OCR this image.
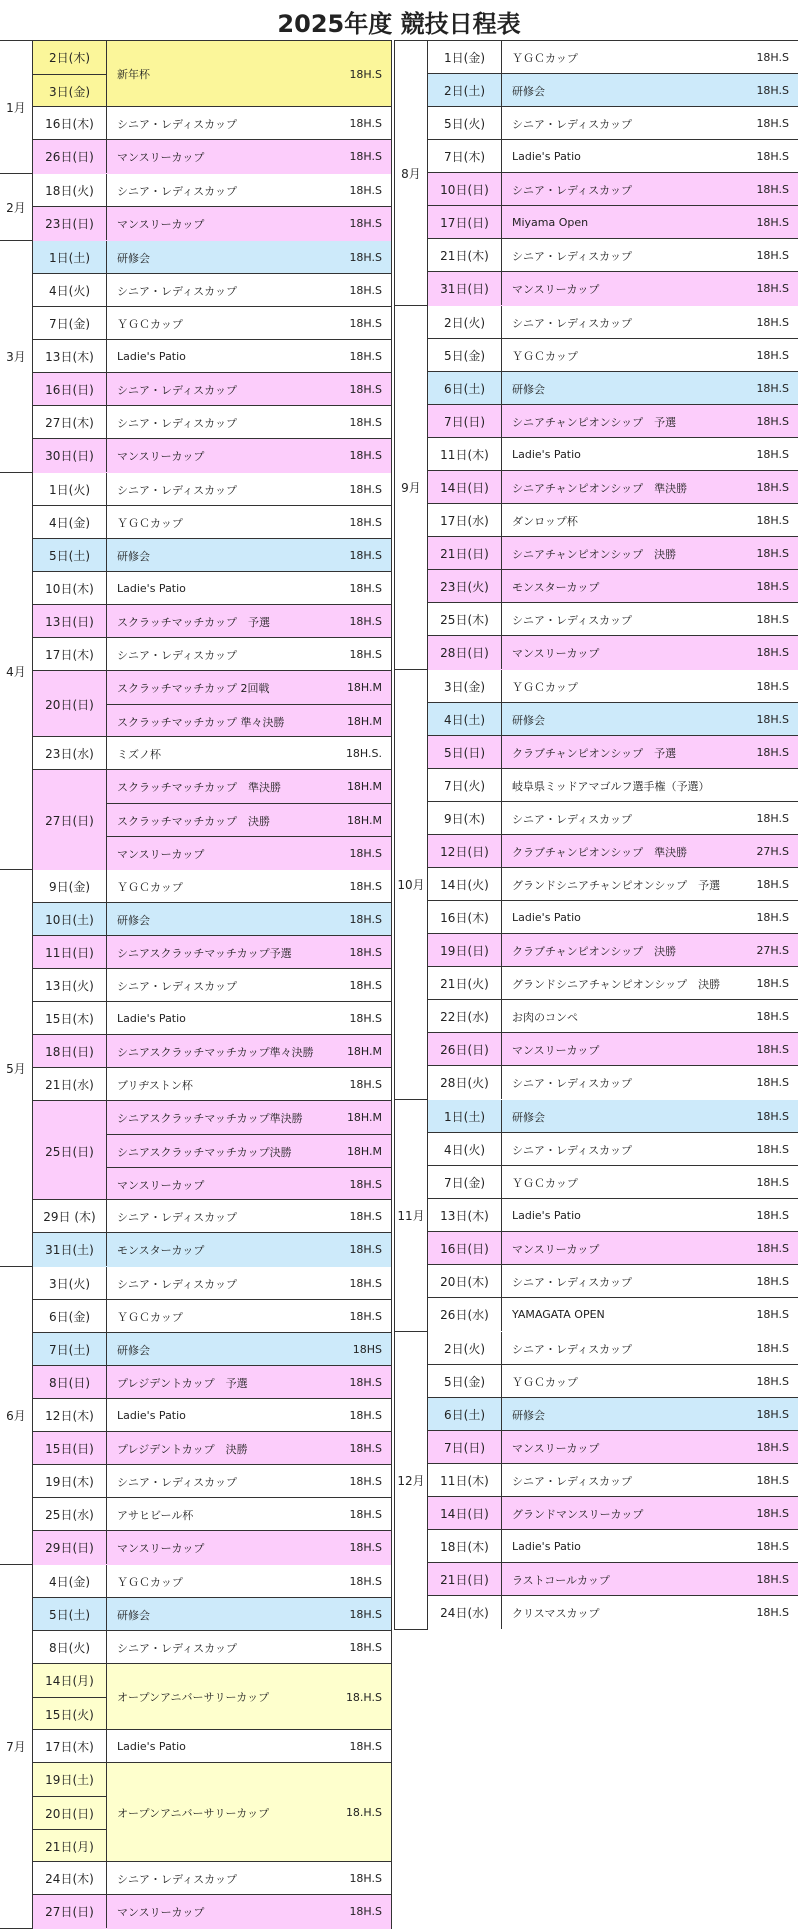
2025年度 競技日程表
1月
2日(木)
3日(金)
新年杯	18H.S
16日(木)	シニア・レディスカップ	18H.S
26日(日)	マンスリーカップ	18H.S
2月
18日(火)	シニア・レディスカップ	18H.S
23日(日)	マンスリーカップ	18H.S
3月
1日(土)	研修会	18H.S
4日(火)	シニア・レディスカップ	18H.S
7日(金)	ＹＧＣカップ	18H.S
13日(木)	Ladie's Patio	18H.S
16日(日)	シニア・レディスカップ	18H.S
27日(木)	シニア・レディスカップ	18H.S
30日(日)	マンスリーカップ	18H.S
4月
1日(火)	シニア・レディスカップ	18H.S
4日(金)	ＹＧＣカップ	18H.S
5日(土)	研修会	18H.S
10日(木)	Ladie's Patio	18H.S
13日(日)	スクラッチマッチカップ　予選	18H.S
17日(木)	シニア・レディスカップ	18H.S
20日(日)
スクラッチマッチカップ 2回戦	18H.M
スクラッチマッチカップ 準々決勝	18H.M
23日(水)	ミズノ杯	18H.S.
27日(日)
スクラッチマッチカップ　準決勝	18H.M
スクラッチマッチカップ　決勝	18H.M
マンスリーカップ	18H.S
5月
9日(金)	ＹＧＣカップ	18H.S
10日(土)	研修会	18H.S
11日(日)	シニアスクラッチマッチカップ予選	18H.S
13日(火)	シニア・レディスカップ	18H.S
15日(木)	Ladie's Patio	18H.S
18日(日)	シニアスクラッチマッチカップ準々決勝	18H.M
21日(水)	ブリヂストン杯	18H.S
25日(日)
シニアスクラッチマッチカップ準決勝	18H.M
シニアスクラッチマッチカップ決勝	18H.M
マンスリーカップ	18H.S
29日 (木)	シニア・レディスカップ	18H.S
31日(土)	モンスターカップ	18H.S
6月
3日(火)	シニア・レディスカップ	18H.S
6日(金)	ＹＧＣカップ	18H.S
7日(土)	研修会	18HS
8日(日)	プレジデントカップ　予選	18H.S
12日(木)	Ladie's Patio	18H.S
15日(日)	プレジデントカップ　決勝	18H.S
19日(木)	シニア・レディスカップ	18H.S
25日(水)	アサヒビール杯	18H.S
29日(日)	マンスリーカップ	18H.S
7月
4日(金)	ＹＧＣカップ	18H.S
5日(土)	研修会	18H.S
8日(火)	シニア・レディスカップ	18H.S
14日(月)
15日(火)
オープンアニバーサリーカップ	18.H.S
17日(木)	Ladie's Patio	18H.S
19日(土)
20日(日)
21日(月)
オープンアニバーサリーカップ	18.H.S
24日(木)	シニア・レディスカップ	18H.S
27日(日)	マンスリーカップ	18H.S
8月
1日(金)	ＹＧＣカップ	18H.S
2日(土)	研修会	18H.S
5日(火)	シニア・レディスカップ	18H.S
7日(木)	Ladie's Patio	18H.S
10日(日)	シニア・レディスカップ	18H.S
17日(日)	Miyama Open	18H.S
21日(木)	シニア・レディスカップ	18H.S
31日(日)	マンスリーカップ	18H.S
9月
2日(火)	シニア・レディスカップ	18H.S
5日(金)	ＹＧＣカップ	18H.S
6日(土)	研修会	18H.S
7日(日)	シニアチャンピオンシップ　予選	18H.S
11日(木)	Ladie's Patio	18H.S
14日(日)	シニアチャンピオンシップ　準決勝	18H.S
17日(水)	ダンロップ杯	18H.S
21日(日)	シニアチャンピオンシップ　決勝	18H.S
23日(火)	モンスターカップ	18H.S
25日(木)	シニア・レディスカップ	18H.S
28日(日)	マンスリーカップ	18H.S
10月
3日(金)	ＹＧＣカップ	18H.S
4日(土)	研修会	18H.S
5日(日)	クラブチャンピオンシップ　予選	18H.S
7日(火)	岐阜県ミッドアマゴルフ選手権（予選）
9日(木)	シニア・レディスカップ	18H.S
12日(日)	クラブチャンピオンシップ　準決勝	27H.S
14日(火)	グランドシニアチャンピオンシップ　予選	18H.S
16日(木)	Ladie's Patio	18H.S
19日(日)	クラブチャンピオンシップ　決勝	27H.S
21日(火)	グランドシニアチャンピオンシップ　決勝	18H.S
22日(水)	お肉のコンペ	18H.S
26日(日)	マンスリーカップ	18H.S
28日(火)	シニア・レディスカップ	18H.S
11月
1日(土)	研修会	18H.S
4日(火)	シニア・レディスカップ	18H.S
7日(金)	ＹＧＣカップ	18H.S
13日(木)	Ladie's Patio	18H.S
16日(日)	マンスリーカップ	18H.S
20日(木)	シニア・レディスカップ	18H.S
26日(水)	YAMAGATA OPEN	18H.S
12月
2日(火)	シニア・レディスカップ	18H.S
5日(金)	ＹＧＣカップ	18H.S
6日(土)	研修会	18H.S
7日(日)	マンスリーカップ	18H.S
11日(木)	シニア・レディスカップ	18H.S
14日(日)	グランドマンスリーカップ	18H.S
18日(木)	Ladie's Patio	18H.S
21日(日)	ラストコールカップ	18H.S
24日(水)	クリスマスカップ	18H.S
